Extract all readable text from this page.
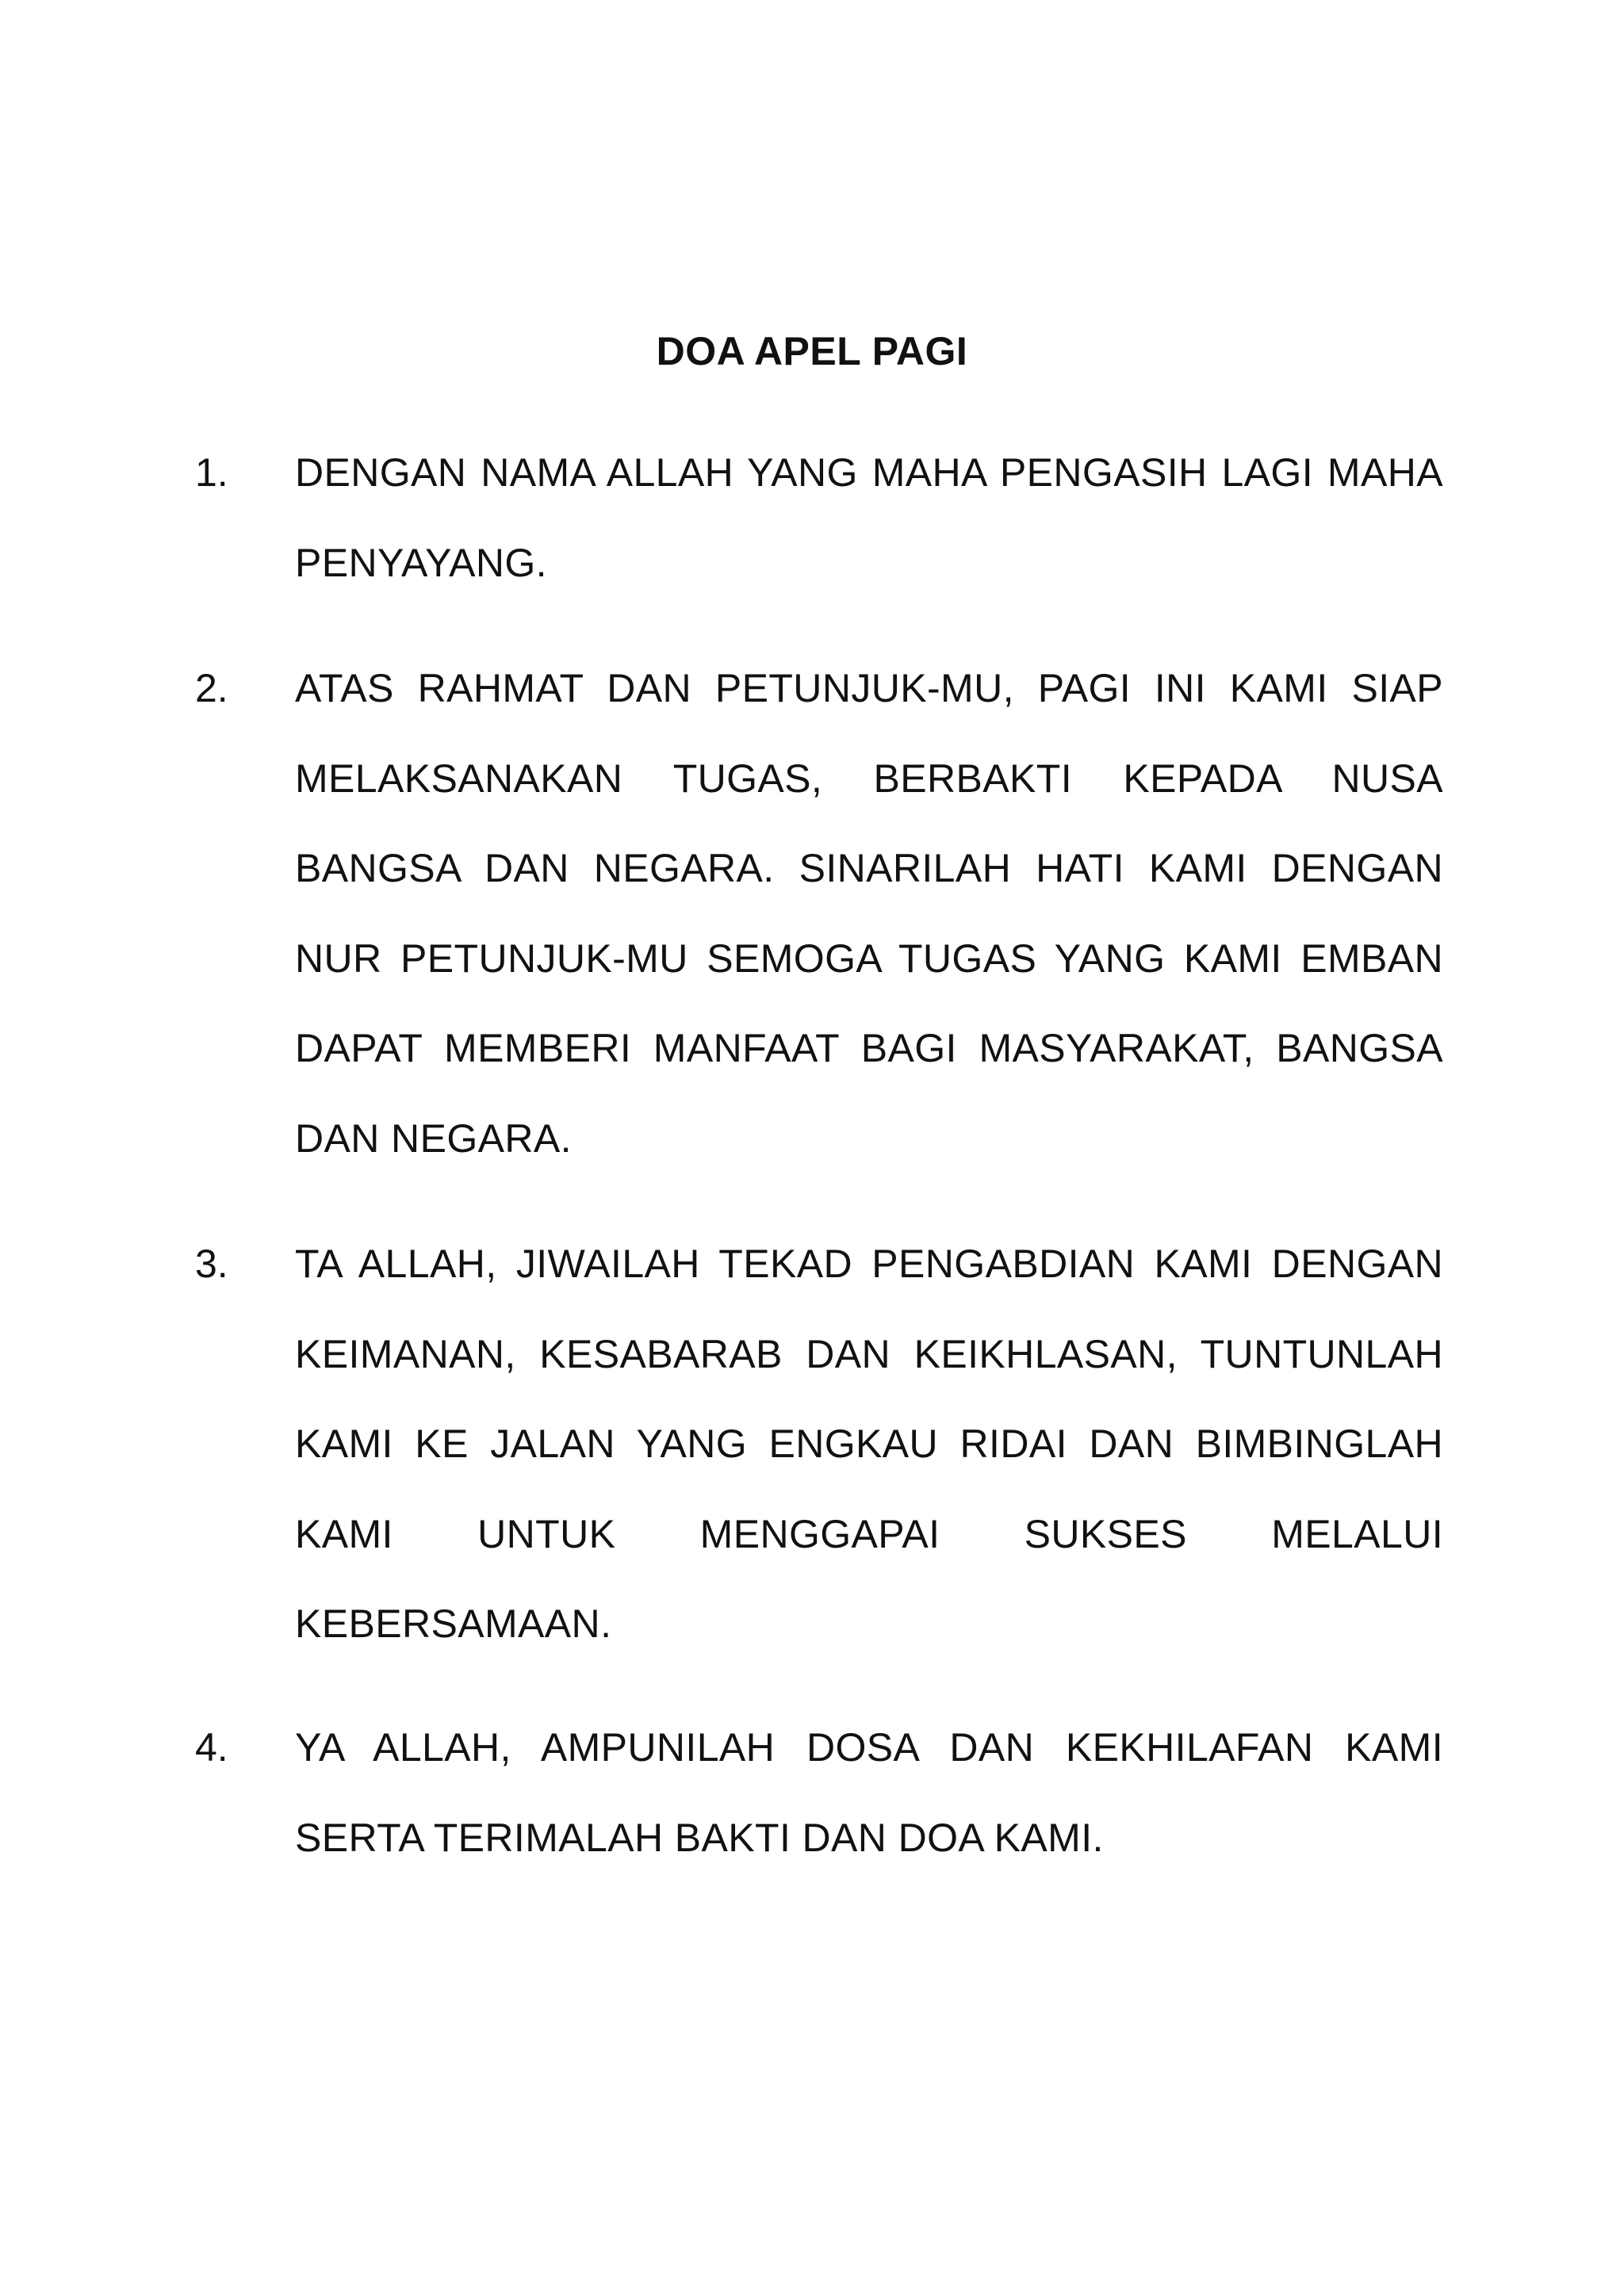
DOA APEL PAGI
1.	DENGAN NAMA ALLAH YANG MAHA PENGASIH LAGI MAHA PENYAYANG.
2.	ATAS RAHMAT DAN PETUNJUK-MU, PAGI INI KAMI SIAP MELAKSANAKAN TUGAS, BERBAKTI KEPADA NUSA BANGSA DAN NEGARA. SINARILAH HATI KAMI DENGAN NUR PETUNJUK-MU SEMOGA TUGAS YANG KAMI EMBAN DAPAT MEMBERI MANFAAT BAGI MASYARAKAT, BANGSA DAN NEGARA.
3.	TA ALLAH, JIWAILAH TEKAD PENGABDIAN KAMI DENGAN KEIMANAN, KESABARAB DAN KEIKHLASAN, TUNTUNLAH KAMI KE JALAN YANG ENGKAU RIDAI DAN BIMBINGLAH KAMI UNTUK MENGGAPAI SUKSES MELALUI KEBERSAMAAN.
4.	YA ALLAH, AMPUNILAH DOSA DAN KEKHILAFAN KAMI SERTA TERIMALAH BAKTI DAN DOA KAMI.
